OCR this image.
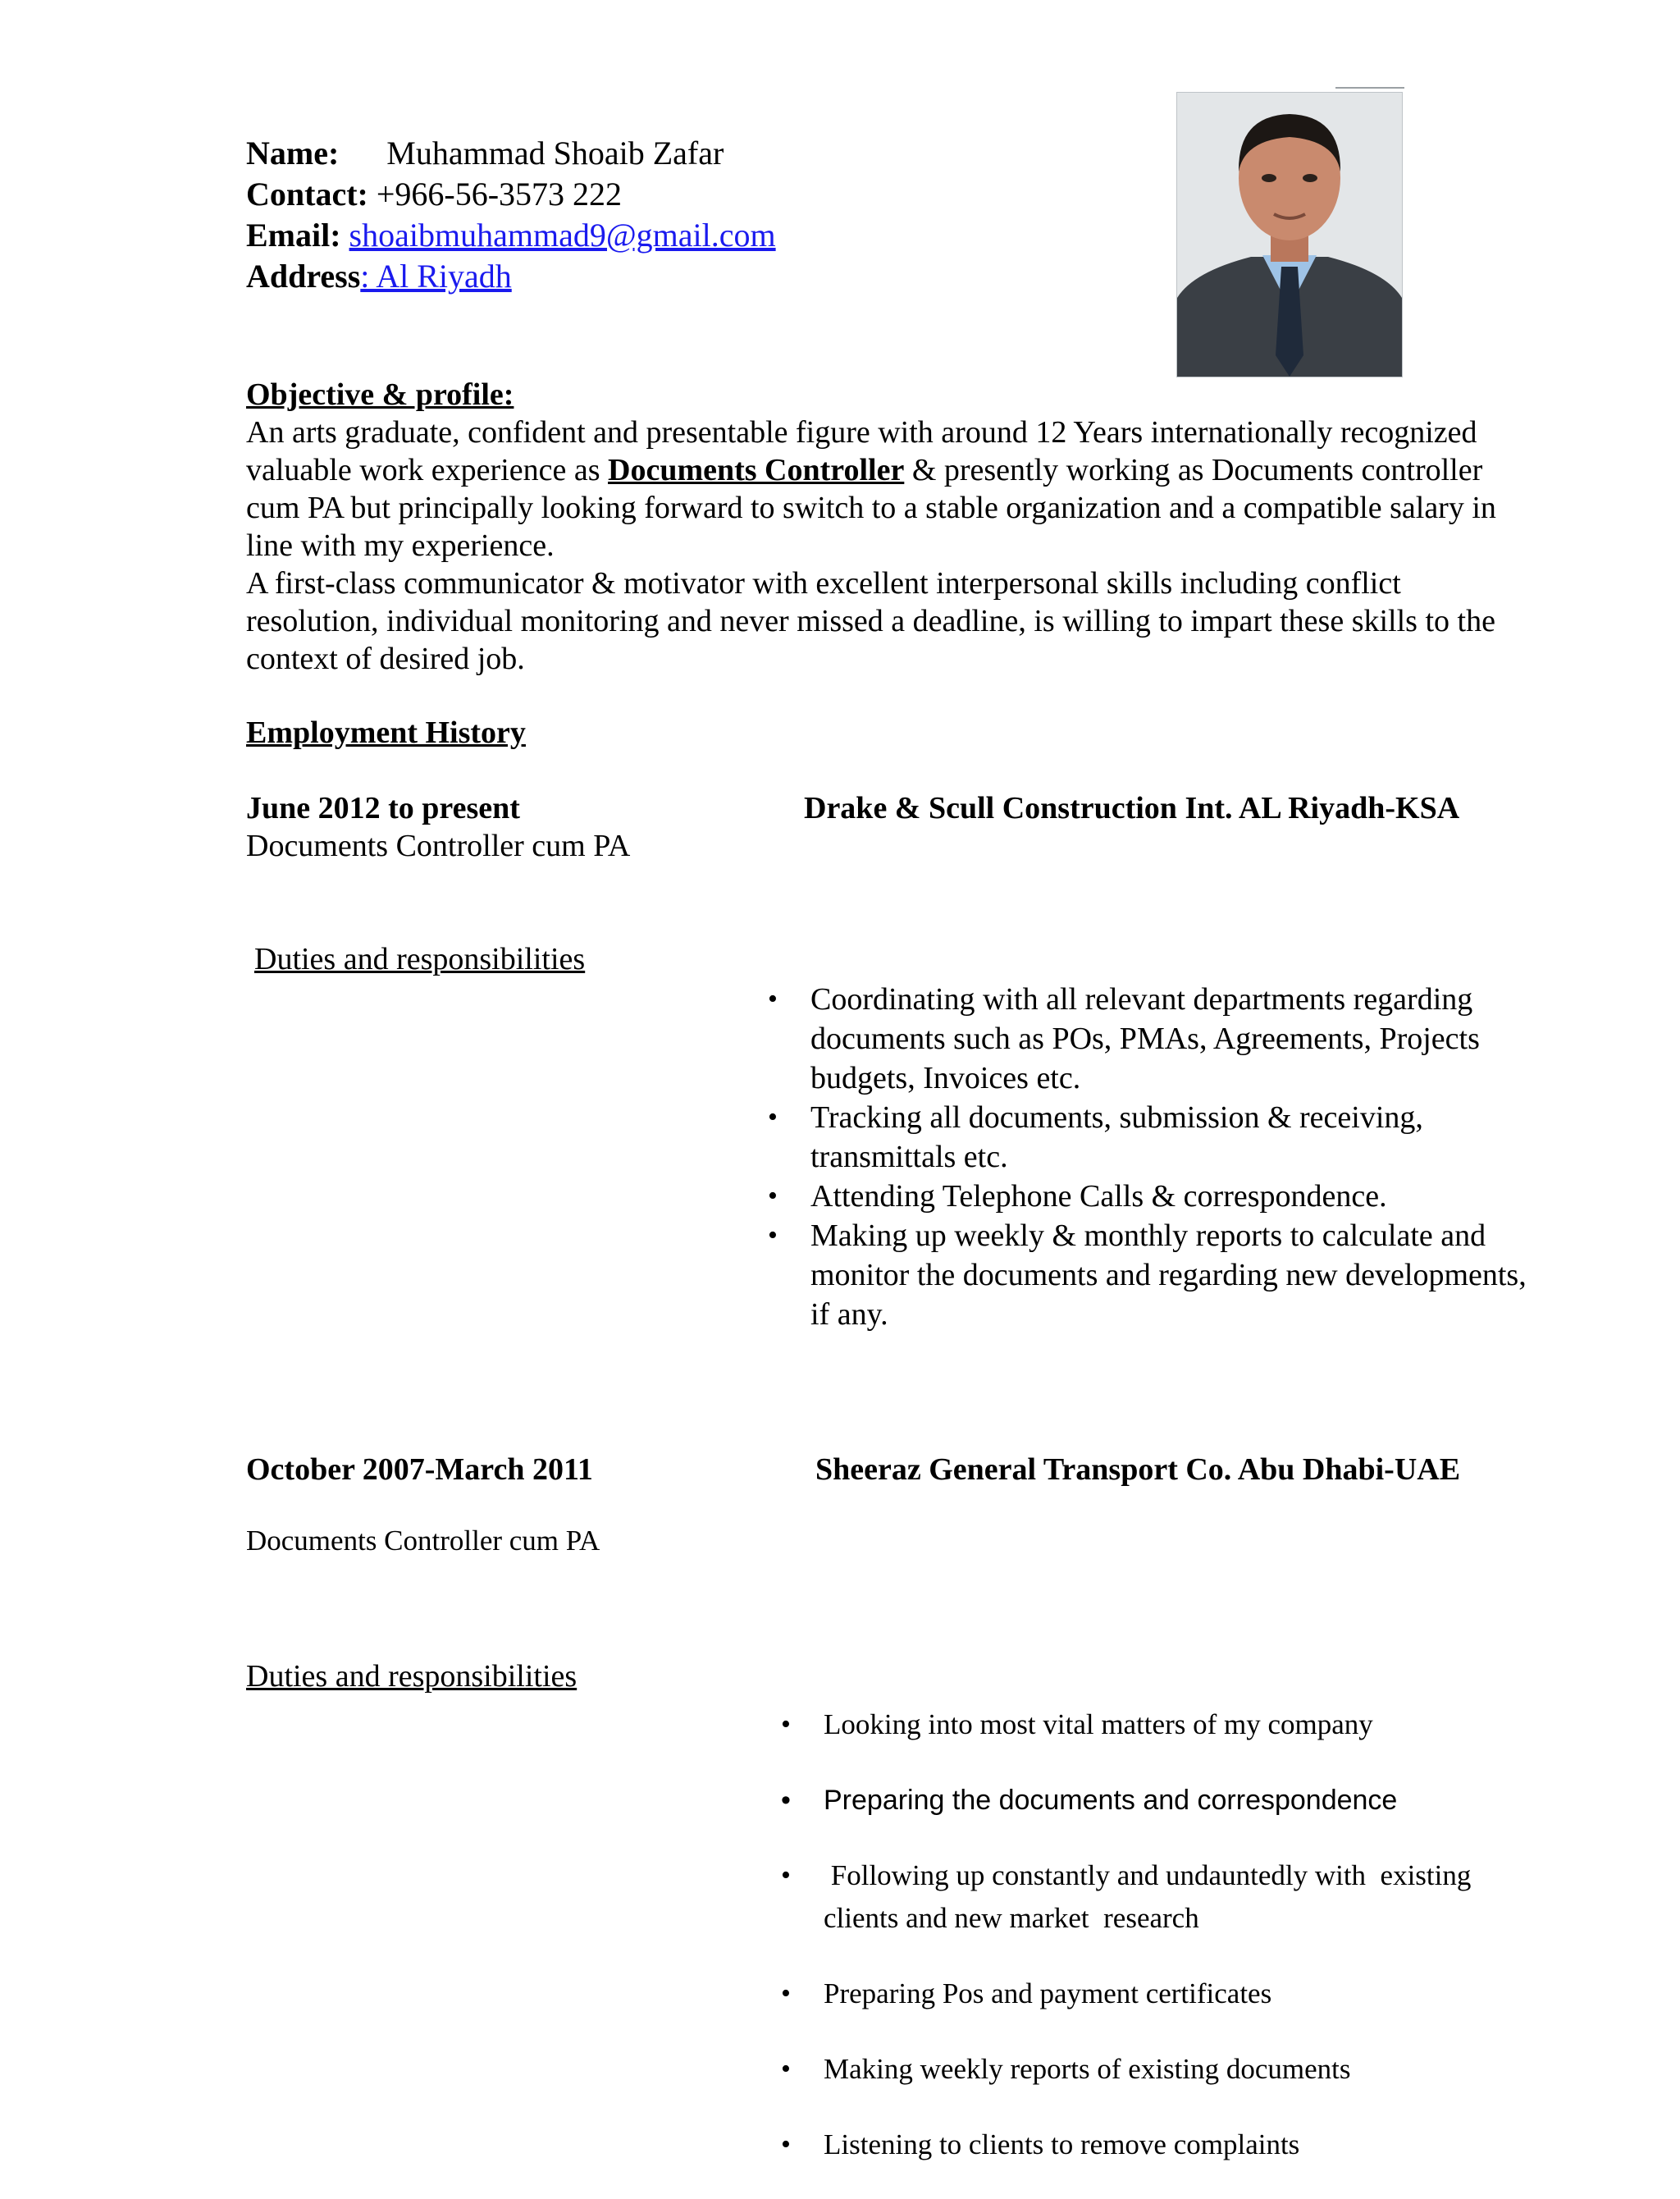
Name: Muhammad Shoaib Zafar
Contact: +966-56-3573 222
Email: shoaibmuhammad9@gmail.com
Address: Al Riyadh
Objective & profile:

An arts graduate, confident and presentable figure with around 12 Years internationally recognized valuable work experience as Documents Controller & presently working as Documents controller cum PA but principally looking forward to switch to a stable organization and a compatible salary in line with my experience.

A first-class communicator & motivator with excellent interpersonal skills including conflict resolution, individual monitoring and never missed a deadline, is willing to impart these skills to the context of desired job.

Employment History
June 2012 to present	Drake & Scull Construction Int. AL Riyadh-KSA
Documents Controller cum PA
Duties and responsibilities
• Coordinating with all relevant departments regarding documents such as POs, PMAs, Agreements, Projects budgets, Invoices etc.
• Tracking all documents, submission & receiving, transmittals etc.
• Attending Telephone Calls & correspondence.
• Making up weekly & monthly reports to calculate and monitor the documents and regarding new developments, if any.
October 2007-March 2011	Sheeraz General Transport Co. Abu Dhabi-UAE
Documents Controller cum PA
Duties and responsibilities
• Looking into most vital matters of my company
• Preparing the documents and correspondence
• Following up constantly and undauntedly with  existing clients and new market  research
• Preparing Pos and payment certificates
• Making weekly reports of existing documents
• Listening to clients to remove complaints
